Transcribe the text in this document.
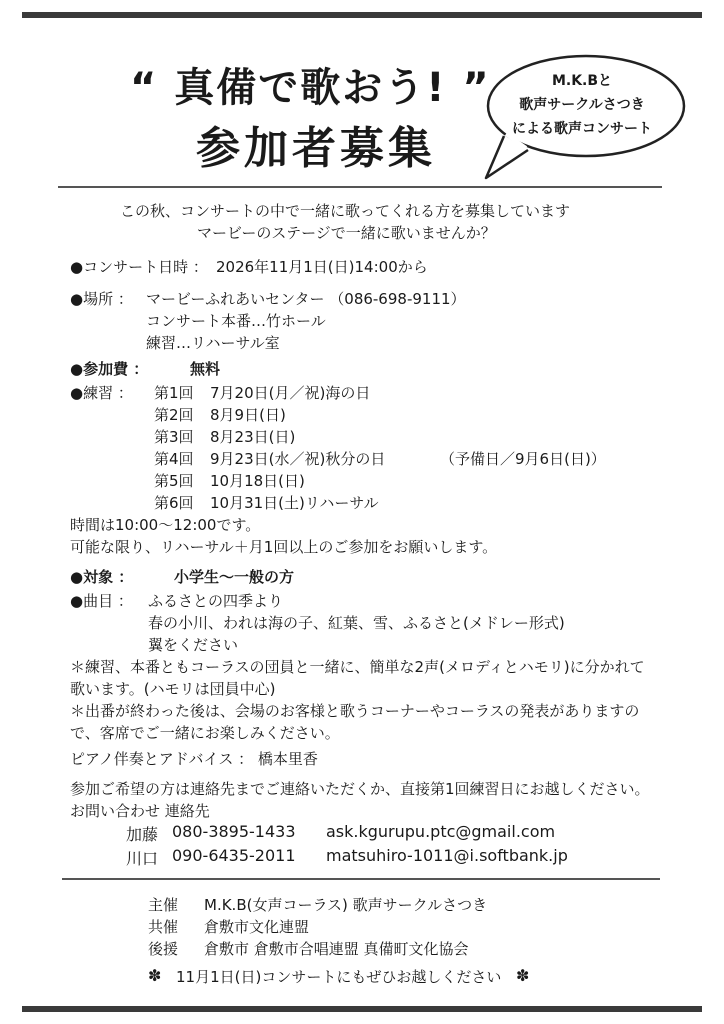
“ 真備で歌おう! ”
参加者募集
M.K.Bと
歌声サークルさつき
による歌声コンサート
この秋、コンサートの中で一緒に歌ってくれる方を募集しています
マービーのステージで一緒に歌いませんか？
●コンサート日時 ： 2026年11月1日(日)14:00から
●場所 ： マービーふれあいセンター （086-698-9111）
コンサート本番…竹ホール
練習…リハーサル室
●参加費 ：	無料
●練習 ： 第1回 7月20日(月／祝)海の日
第2回 8月9日(日)
第3回 8月23日(日)
第4回 9月23日(水／祝)秋分の日	（予備日／9月6日(日)）
第5回 10月18日(日)
第6回 10月31日(土)リハーサル
時間は10:00～12:00です。
可能な限り、リハーサル＋月1回以上のご参加をお願いします。
●対象 ：	小学生～一般の方
●曲目 ： ふるさとの四季より
春の小川、われは海の子、紅葉、雪、ふるさと(メドレー形式)
翼をください
＊練習、本番ともコーラスの団員と一緒に、簡単な2声(メロディとハモリ)に分かれて
歌います。(ハモリは団員中心)
＊出番が終わった後は、会場のお客様と歌うコーナーやコーラスの発表がありますの
で、客席でご一緒にお楽しみください。
ピアノ伴奏とアドバイス ： 橋本里香
参加ご希望の方は連絡先までご連絡いただくか、直接第1回練習日にお越しください。
お問い合わせ 連絡先
加藤 080-3895-1433 ask.kgurupu.ptc@gmail.com
川口 090-6435-2011 matsuhiro-1011@i.softbank.jp
主催 M.K.B(女声コーラス) 歌声サークルさつき
共催 倉敷市文化連盟
後援 倉敷市 倉敷市合唱連盟 真備町文化協会
✽ 11月1日(日)コンサートにもぜひお越しください ✽
